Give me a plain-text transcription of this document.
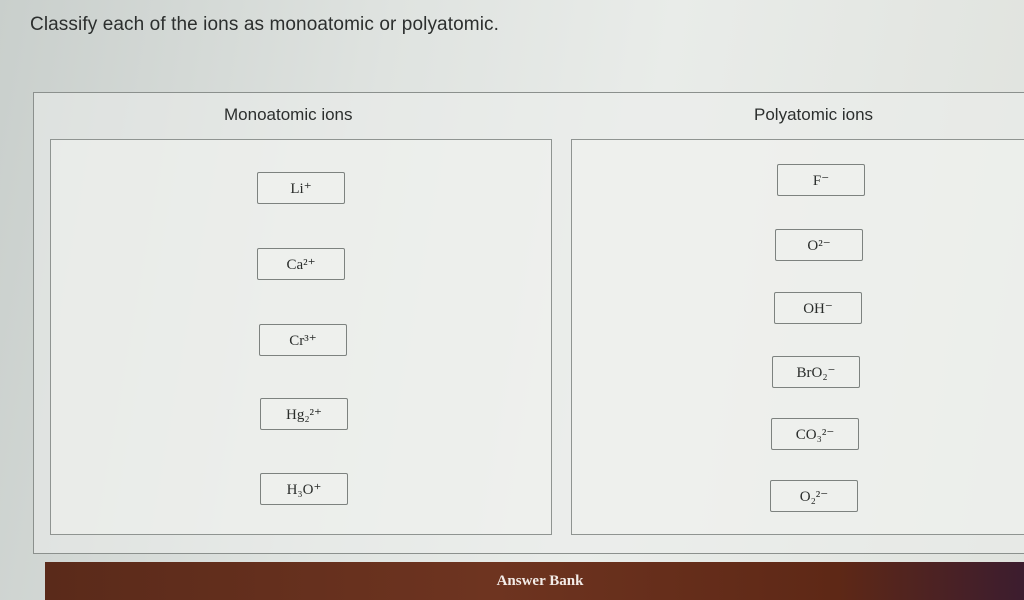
Classify each of the ions as monoatomic or polyatomic.
Monoatomic ions	Polyatomic ions
Li⁺
Ca²⁺
Cr³⁺
Hg₂²⁺
H₃O⁺
F⁻
O²⁻
OH⁻
BrO₂⁻
CO₃²⁻
O₂²⁻
Answer Bank
